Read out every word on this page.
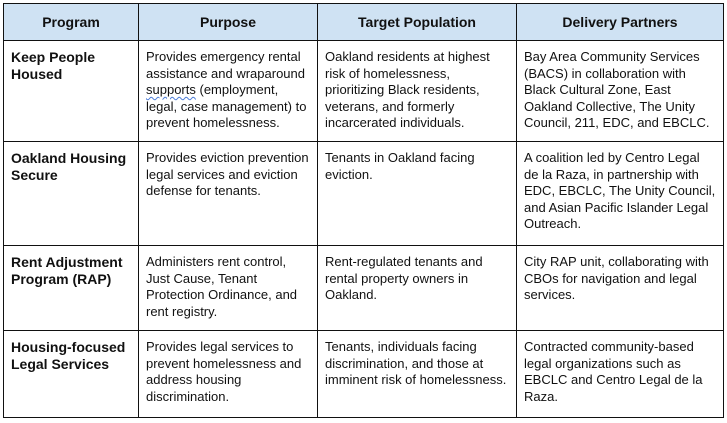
Program	Purpose	Target Population	Delivery Partners
Keep People Housed	Provides emergency rental assistance and wraparound supports (employment, legal, case management) to prevent homelessness.	Oakland residents at highest risk of homelessness, prioritizing Black residents, veterans, and formerly incarcerated individuals.	Bay Area Community Services (BACS) in collaboration with Black Cultural Zone, East Oakland Collective, The Unity Council, 211, EDC, and EBCLC.
Oakland Housing Secure	Provides eviction prevention legal services and eviction defense for tenants.	Tenants in Oakland facing eviction.	A coalition led by Centro Legal de la Raza, in partnership with EDC, EBCLC, The Unity Council, and Asian Pacific Islander Legal Outreach.
Rent Adjustment Program (RAP)	Administers rent control, Just Cause, Tenant Protection Ordinance, and rent registry.	Rent-regulated tenants and rental property owners in Oakland.	City RAP unit, collaborating with CBOs for navigation and legal services.
Housing-focused Legal Services	Provides legal services to prevent homelessness and address housing discrimination.	Tenants, individuals facing discrimination, and those at imminent risk of homelessness.	Contracted community-based legal organizations such as EBCLC and Centro Legal de la Raza.
